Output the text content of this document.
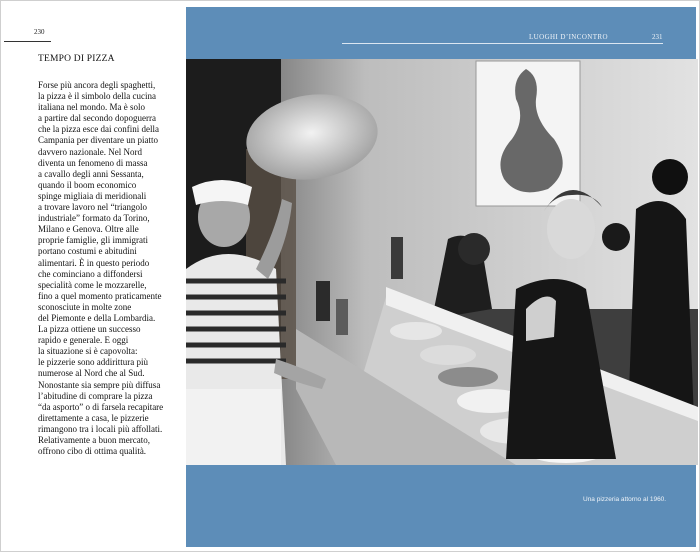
230
TEMPO DI PIZZA
Forse più ancora degli spaghetti,
la pizza è il simbolo della cucina
italiana nel mondo. Ma è solo
a partire dal secondo dopoguerra
che la pizza esce dai confini della
Campania per diventare un piatto
davvero nazionale. Nel Nord
diventa un fenomeno di massa
a cavallo degli anni Sessanta,
quando il boom economico
spinge migliaia di meridionali
a trovare lavoro nel “triangolo
industriale” formato da Torino,
Milano e Genova. Oltre alle
proprie famiglie, gli immigrati
portano costumi e abitudini
alimentari. È in questo periodo
che cominciano a diffondersi
specialità come le mozzarelle,
fino a quel momento praticamente
sconosciute in molte zone
del Piemonte e della Lombardia.
La pizza ottiene un successo
rapido e generale. E oggi
la situazione si è capovolta:
le pizzerie sono addirittura più
numerose al Nord che al Sud.
Nonostante sia sempre più diffusa
l’abitudine di comprare la pizza
“da asporto” o di farsela recapitare
direttamente a casa, le pizzerie
rimangono tra i locali più affollati.
Relativamente a buon mercato,
offrono cibo di ottima qualità.
LUOGHI D’INCONTRO	231
Una pizzeria attorno al 1960.
